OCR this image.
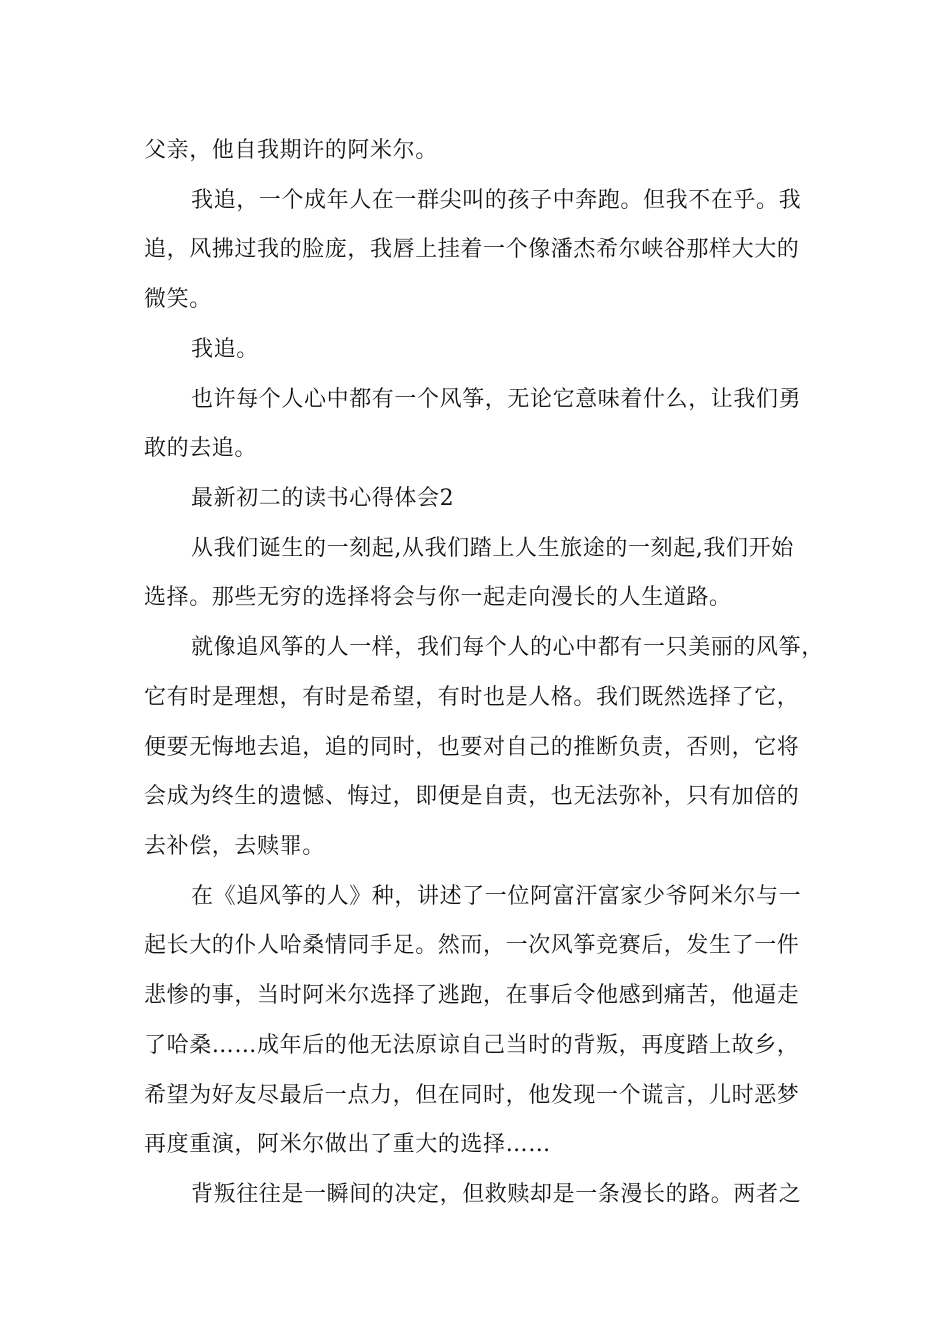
父亲，他自我期许的阿米尔。
我追，一个成年人在一群尖叫的孩子中奔跑。但我不在乎。我
追，风拂过我的脸庞，我唇上挂着一个像潘杰希尔峡谷那样大大的
微笑。
我追。
也许每个人心中都有一个风筝，无论它意味着什么，让我们勇
敢的去追。
最新初二的读书心得体会2
从我们诞生的一刻起,从我们踏上人生旅途的一刻起,我们开始
选择。那些无穷的选择将会与你一起走向漫长的人生道路。
就像追风筝的人一样，我们每个人的心中都有一只美丽的风筝，
它有时是理想，有时是希望，有时也是人格。我们既然选择了它，
便要无悔地去追，追的同时，也要对自己的推断负责，否则，它将
会成为终生的遗憾、悔过，即便是自责，也无法弥补，只有加倍的
去补偿，去赎罪。
在《追风筝的人》种，讲述了一位阿富汗富家少爷阿米尔与一
起长大的仆人哈桑情同手足。然而，一次风筝竞赛后，发生了一件
悲惨的事，当时阿米尔选择了逃跑，在事后令他感到痛苦，他逼走
了哈桑……成年后的他无法原谅自己当时的背叛，再度踏上故乡，
希望为好友尽最后一点力，但在同时，他发现一个谎言，儿时恶梦
再度重演，阿米尔做出了重大的选择……
背叛往往是一瞬间的决定，但救赎却是一条漫长的路。两者之
